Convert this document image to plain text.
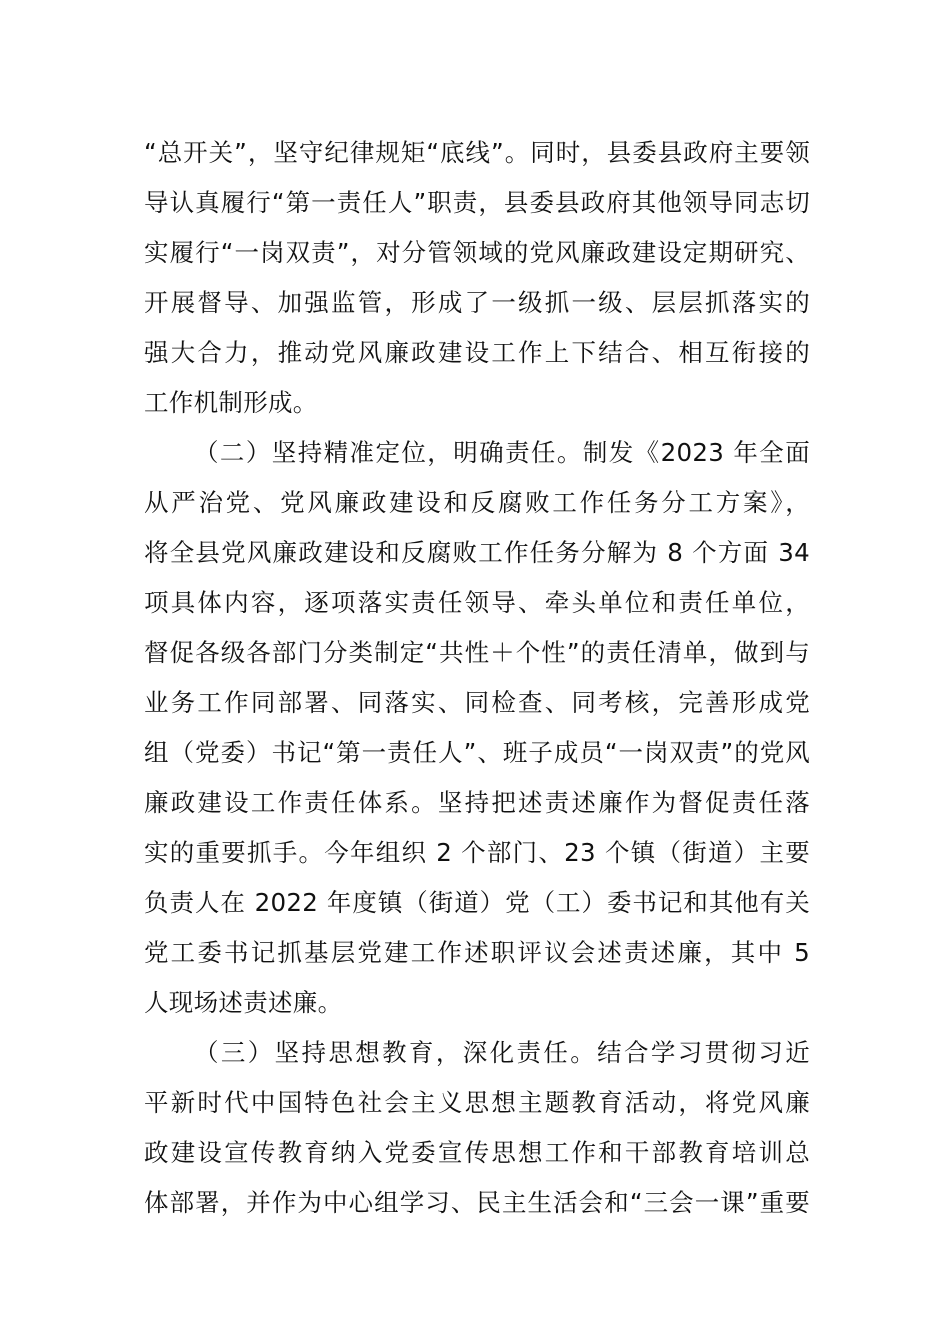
“总开关”，坚守纪律规矩“底线”。同时，县委县政府主要领
导认真履行“第一责任人”职责，县委县政府其他领导同志切
实履行“一岗双责”，对分管领域的党风廉政建设定期研究、
开展督导、加强监管，形成了一级抓一级、层层抓落实的
强大合力，推动党风廉政建设工作上下结合、相互衔接的
工作机制形成。
（二）坚持精准定位，明确责任。制发《2023 年全面
从严治党、党风廉政建设和反腐败工作任务分工方案》，
将全县党风廉政建设和反腐败工作任务分解为 8 个方面 34
项具体内容，逐项落实责任领导、牵头单位和责任单位，
督促各级各部门分类制定“共性＋个性”的责任清单，做到与
业务工作同部署、同落实、同检查、同考核，完善形成党
组（党委）书记“第一责任人”、班子成员“一岗双责”的党风
廉政建设工作责任体系。坚持把述责述廉作为督促责任落
实的重要抓手。今年组织 2 个部门、23 个镇（街道）主要
负责人在 2022 年度镇（街道）党（工）委书记和其他有关
党工委书记抓基层党建工作述职评议会述责述廉，其中 5
人现场述责述廉。
（三）坚持思想教育，深化责任。结合学习贯彻习近
平新时代中国特色社会主义思想主题教育活动，将党风廉
政建设宣传教育纳入党委宣传思想工作和干部教育培训总
体部署，并作为中心组学习、民主生活会和“三会一课”重要
